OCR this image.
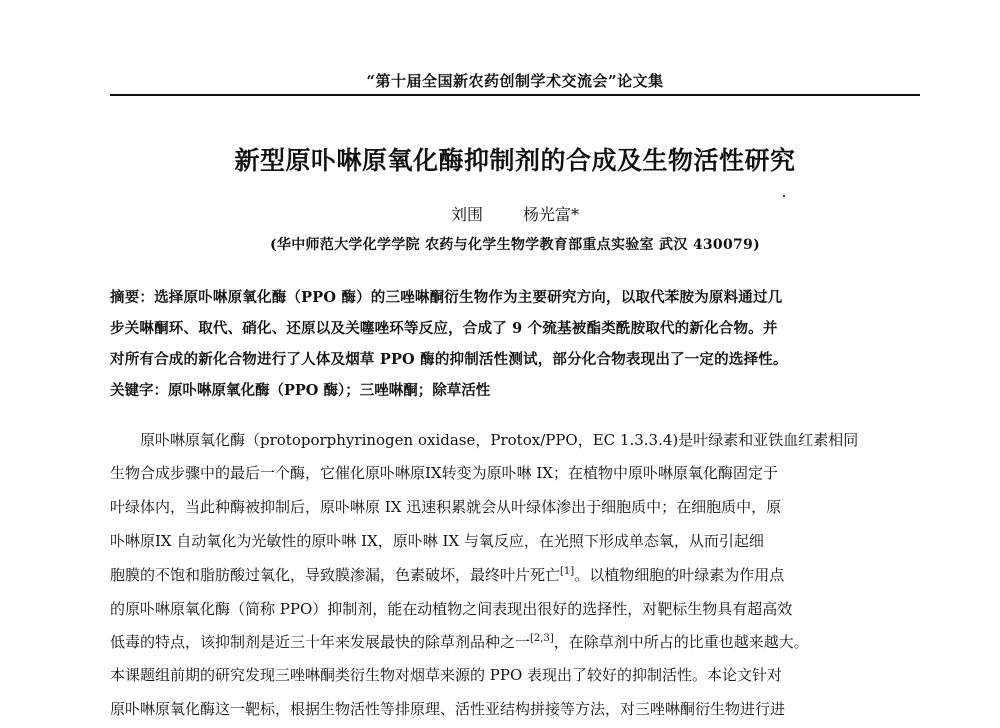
“第十届全国新农药创制学术交流会”论文集
新型原卟啉原氧化酶抑制剂的合成及生物活性研究
刘围	杨光富*
(华中师范大学化学学院 农药与化学生物学教育部重点实验室 武汉 430079)
摘要：选择原卟啉原氧化酶（PPO 酶）的三唑啉酮衍生物作为主要研究方向，以取代苯胺为原料通过几
步关啉酮环、取代、硝化、还原以及关噻唑环等反应，合成了 9 个巯基被酯类酰胺取代的新化合物。并
对所有合成的新化合物进行了人体及烟草 PPO 酶的抑制活性测试，部分化合物表现出了一定的选择性。
关键字：原卟啉原氧化酶（PPO 酶）；三唑啉酮；除草活性
原卟啉原氧化酶（protoporphyrinogen oxidase，Protox/PPO，EC 1.3.3.4)是叶绿素和亚铁血红素相同
生物合成步骤中的最后一个酶，它催化原卟啉原ⅠX转变为原卟啉 IX；在植物中原卟啉原氧化酶固定于
叶绿体内，当此种酶被抑制后，原卟啉原 IX 迅速积累就会从叶绿体渗出于细胞质中；在细胞质中，原
卟啉原ⅠX 自动氧化为光敏性的原卟啉 IX，原卟啉 IX 与氧反应，在光照下形成单态氧，从而引起细
胞膜的不饱和脂肪酸过氧化，导致膜渗漏，色素破坏，最终叶片死亡[1]。以植物细胞的叶绿素为作用点
的原卟啉原氧化酶（简称 PPO）抑制剂，能在动植物之间表现出很好的选择性，对靶标生物具有超高效
低毒的特点，该抑制剂是近三十年来发展最快的除草剂品种之一[2,3]，在除草剂中所占的比重也越来越大。
本课题组前期的研究发现三唑啉酮类衍生物对烟草来源的 PPO 表现出了较好的抑制活性。本论文针对
原卟啉原氧化酶这一靶标，根据生物活性等排原理、活性亚结构拼接等方法，对三唑啉酮衍生物进行进
